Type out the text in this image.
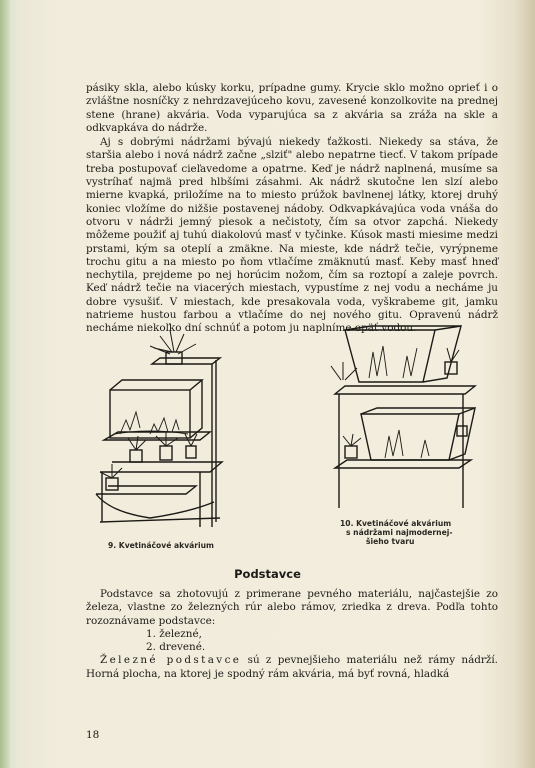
pásiky skla, alebo kúsky korku, prípadne gumy. Krycie sklo možno oprieť i o zvláštne nosníčky z nehrdzavejúceho kovu, zavesené konzolkovite na prednej stene (hrane) akvária. Voda vyparujúca sa z akvária sa zráža na skle a odkvapkáva do nádrže.

Aj s dobrými nádržami bývajú niekedy ťažkosti. Niekedy sa stáva, že staršia alebo i nová nádrž začne „slziť" alebo nepatrne tiecť. V takom prípade treba postupovať cieľavedome a opatrne. Keď je nádrž naplnená, musíme sa vystríhať najmä pred hlbšími zásahmi. Ak nádrž skutočne len slzí alebo mierne kvapká, priložíme na to miesto prúžok bavlnenej látky, ktorej druhý koniec vložíme do nižšie postavenej nádoby. Odkvapkávajúca voda vnáša do otvoru v nádrži jemný piesok a nečistoty, čím sa otvor zapchá. Niekedy môžeme použiť aj tuhú diakolovú masť v tyčinke. Kúsok masti miesime medzi prstami, kým sa oteplí a zmäkne. Na mieste, kde nádrž tečie, vyrýpneme trochu gitu a na miesto po ňom vtlačíme zmäknutú masť. Keby masť hneď nechytila, prejdeme po nej horúcim nožom, čím sa roztopí a zaleje povrch. Keď nádrž tečie na viacerých miestach, vypustíme z nej vodu a necháme ju dobre vysušiť. V miestach, kde presakovala voda, vyškrabeme git, jamku natrieme hustou farbou a vtlačíme do nej nového gitu. Opravenú nádrž necháme niekoľko dní schnúť a potom ju naplníme opäť vodou.

9. Kvetináčové akvárium
10. Kvetináčové akvárium
s nádržami najmodernej-
šieho tvaru
Podstavce

Podstavce sa zhotovujú z primerane pevného materiálu, najčastejšie zo železa, vlastne zo železných rúr alebo rámov, zriedka z dreva. Podľa tohto rozoznávame podstavce:

1. železné,
2. drevené.

Železné podstavce sú z pevnejšieho materiálu než rámy nádrží. Horná plocha, na ktorej je spodný rám akvária, má byť rovná, hladká

18
